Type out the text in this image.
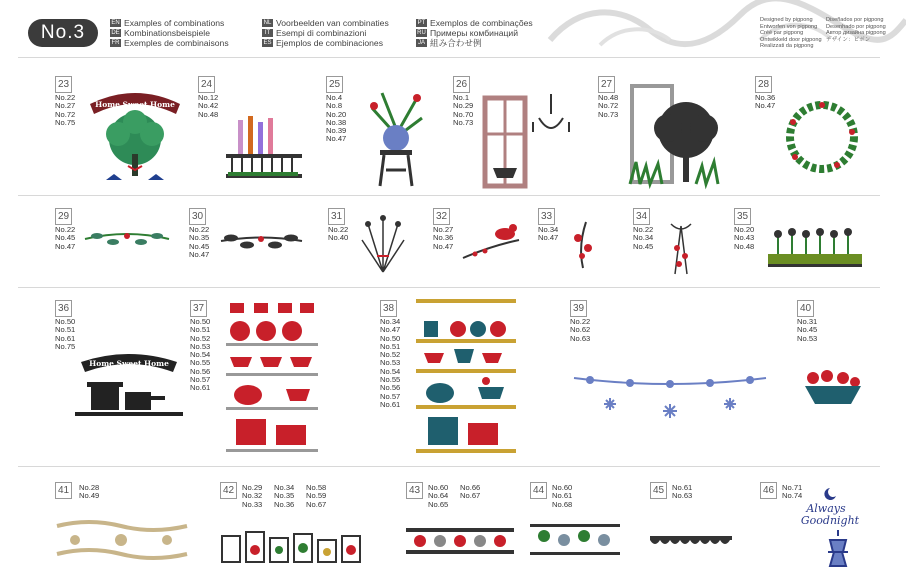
No.3	EN Examples of combinations
DE Kombinationsbeispiele
FR Exemples de combinaisons
NL Voorbeelden van combinaties
IT Esempi di combinazioni
ES Ejemplos de combinaciones
PT Exemplos de combinações
RU Примеры комбинаций
JA 組み合わせ例
Designed by pigpong
Entworfen von pigpong
Créé par pigpong
Ontwikkeld door pigpong
Realizzati da pigpong
Diseñados por pigpong
Desenhado por pigpong
Автор дизайна pigpong
デザイン：ピポン
23
No.22
No.27
No.72
No.75
Home Sweet Home
24
No.12
No.42
No.48
25
No.4
No.8
No.20
No.38
No.39
No.47
26
No.1
No.29
No.70
No.73
27
No.48
No.72
No.73
28
No.36
No.47
29
No.22
No.45
No.47
30
No.22
No.35
No.45
No.47
31
No.22
No.40
32
No.27
No.36
No.47
33
No.34
No.47
34
No.22
No.34
No.45
35
No.20
No.43
No.48
36
No.50
No.51
No.61
No.75
Home Sweet Home
37
No.50
No.51
No.52
No.53
No.54
No.55
No.56
No.57
No.61
38
No.34
No.47
No.50
No.51
No.52
No.53
No.54
No.55
No.56
No.57
No.61
39
No.22
No.62
No.63
40
No.31
No.45
No.53
41	No.28
No.49	42	No.29
No.32
No.33
No.34
No.35
No.36
No.58
No.59
No.67
43	No.60
No.64
No.65
No.66
No.67	44	No.60
No.61
No.68
45	No.61
No.63	46	No.71
No.74
Always
Goodnight
